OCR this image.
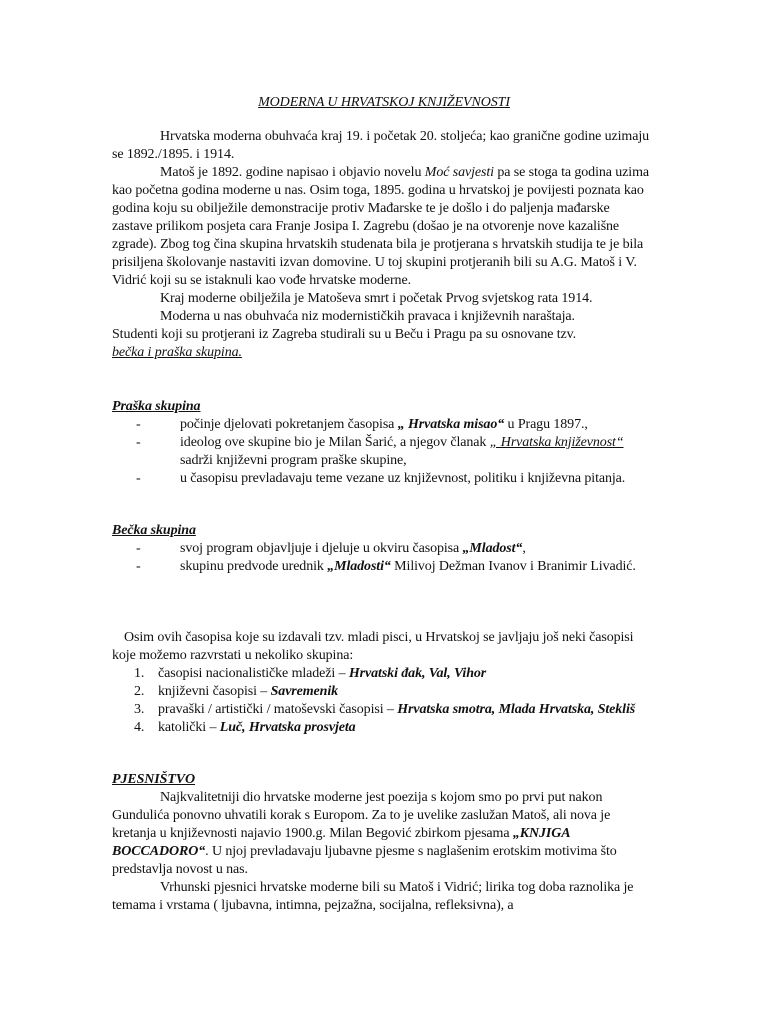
MODERNA U HRVATSKOJ KNJIŽEVNOSTI

Hrvatska moderna obuhvaća kraj 19. i početak 20. stoljeća; kao granične godine uzimaju se 1892./1895. i 1914.

Matoš je 1892. godine napisao i objavio novelu Moć savjesti pa se stoga ta godina uzima kao početna godina moderne u nas. Osim toga, 1895. godina u hrvatskoj je povijesti poznata kao godina koju su obilježile demonstracije protiv Mađarske te je došlo i do paljenja mađarske zastave prilikom posjeta cara Franje Josipa I. Zagrebu (došao je na otvorenje nove kazališne zgrade). Zbog tog čina skupina hrvatskih studenata bila je protjerana s hrvatskih studija te je bila prisiljena školovanje nastaviti izvan domovine. U toj skupini protjeranih bili su A.G. Matoš i V. Vidrić koji su se istaknuli kao vođe hrvatske moderne.

Kraj moderne obilježila je Matoševa smrt i početak Prvog svjetskog rata 1914.

Moderna u nas obuhvaća niz modernističkih pravaca i književnih naraštaja.

Studenti koji su protjerani iz Zagreba studirali su u Beču i Pragu pa su osnovane tzv.
bečka i praška skupina.

Praška skupina

-	počinje djelovati pokretanjem časopisa „ Hrvatska misao“ u Pragu 1897.,
-	ideolog ove skupine bio je Milan Šarić, a njegov članak „ Hrvatska književnost“ sadrži književni program praške skupine,
-	u časopisu prevladavaju teme vezane uz književnost, politiku i književna pitanja.

Bečka skupina

-	svoj program objavljuje i djeluje u okviru časopisa „Mladost“,
-	skupinu predvode urednik „Mladosti“ Milivoj Dežman Ivanov i Branimir Livadić.

Osim ovih časopisa koje su izdavali tzv. mladi pisci, u Hrvatskoj se javljaju još neki časopisi koje možemo razvrstati u nekoliko skupina:

1. časopisi nacionalističke mladeži – Hrvatski đak, Val, Vihor
2. književni časopisi – Savremenik
3. pravaški / artistički / matoševski časopisi – Hrvatska smotra, Mlada Hrvatska, Stekliš
4. katolički – Luč, Hrvatska prosvjeta

PJESNIŠTVO

Najkvalitetniji dio hrvatske moderne jest poezija s kojom smo po prvi put nakon Gundulića ponovno uhvatili korak s Europom. Za to je uvelike zaslužan Matoš, ali nova je kretanja u književnosti najavio 1900.g. Milan Begović zbirkom pjesama „KNJIGA BOCCADORO“. U njoj prevladavaju ljubavne pjesme s naglašenim erotskim motivima što predstavlja novost u nas.

Vrhunski pjesnici hrvatske moderne bili su Matoš i Vidrić; lirika tog doba raznolika je temama i vrstama ( ljubavna, intimna, pejzažna, socijalna, refleksivna), a
